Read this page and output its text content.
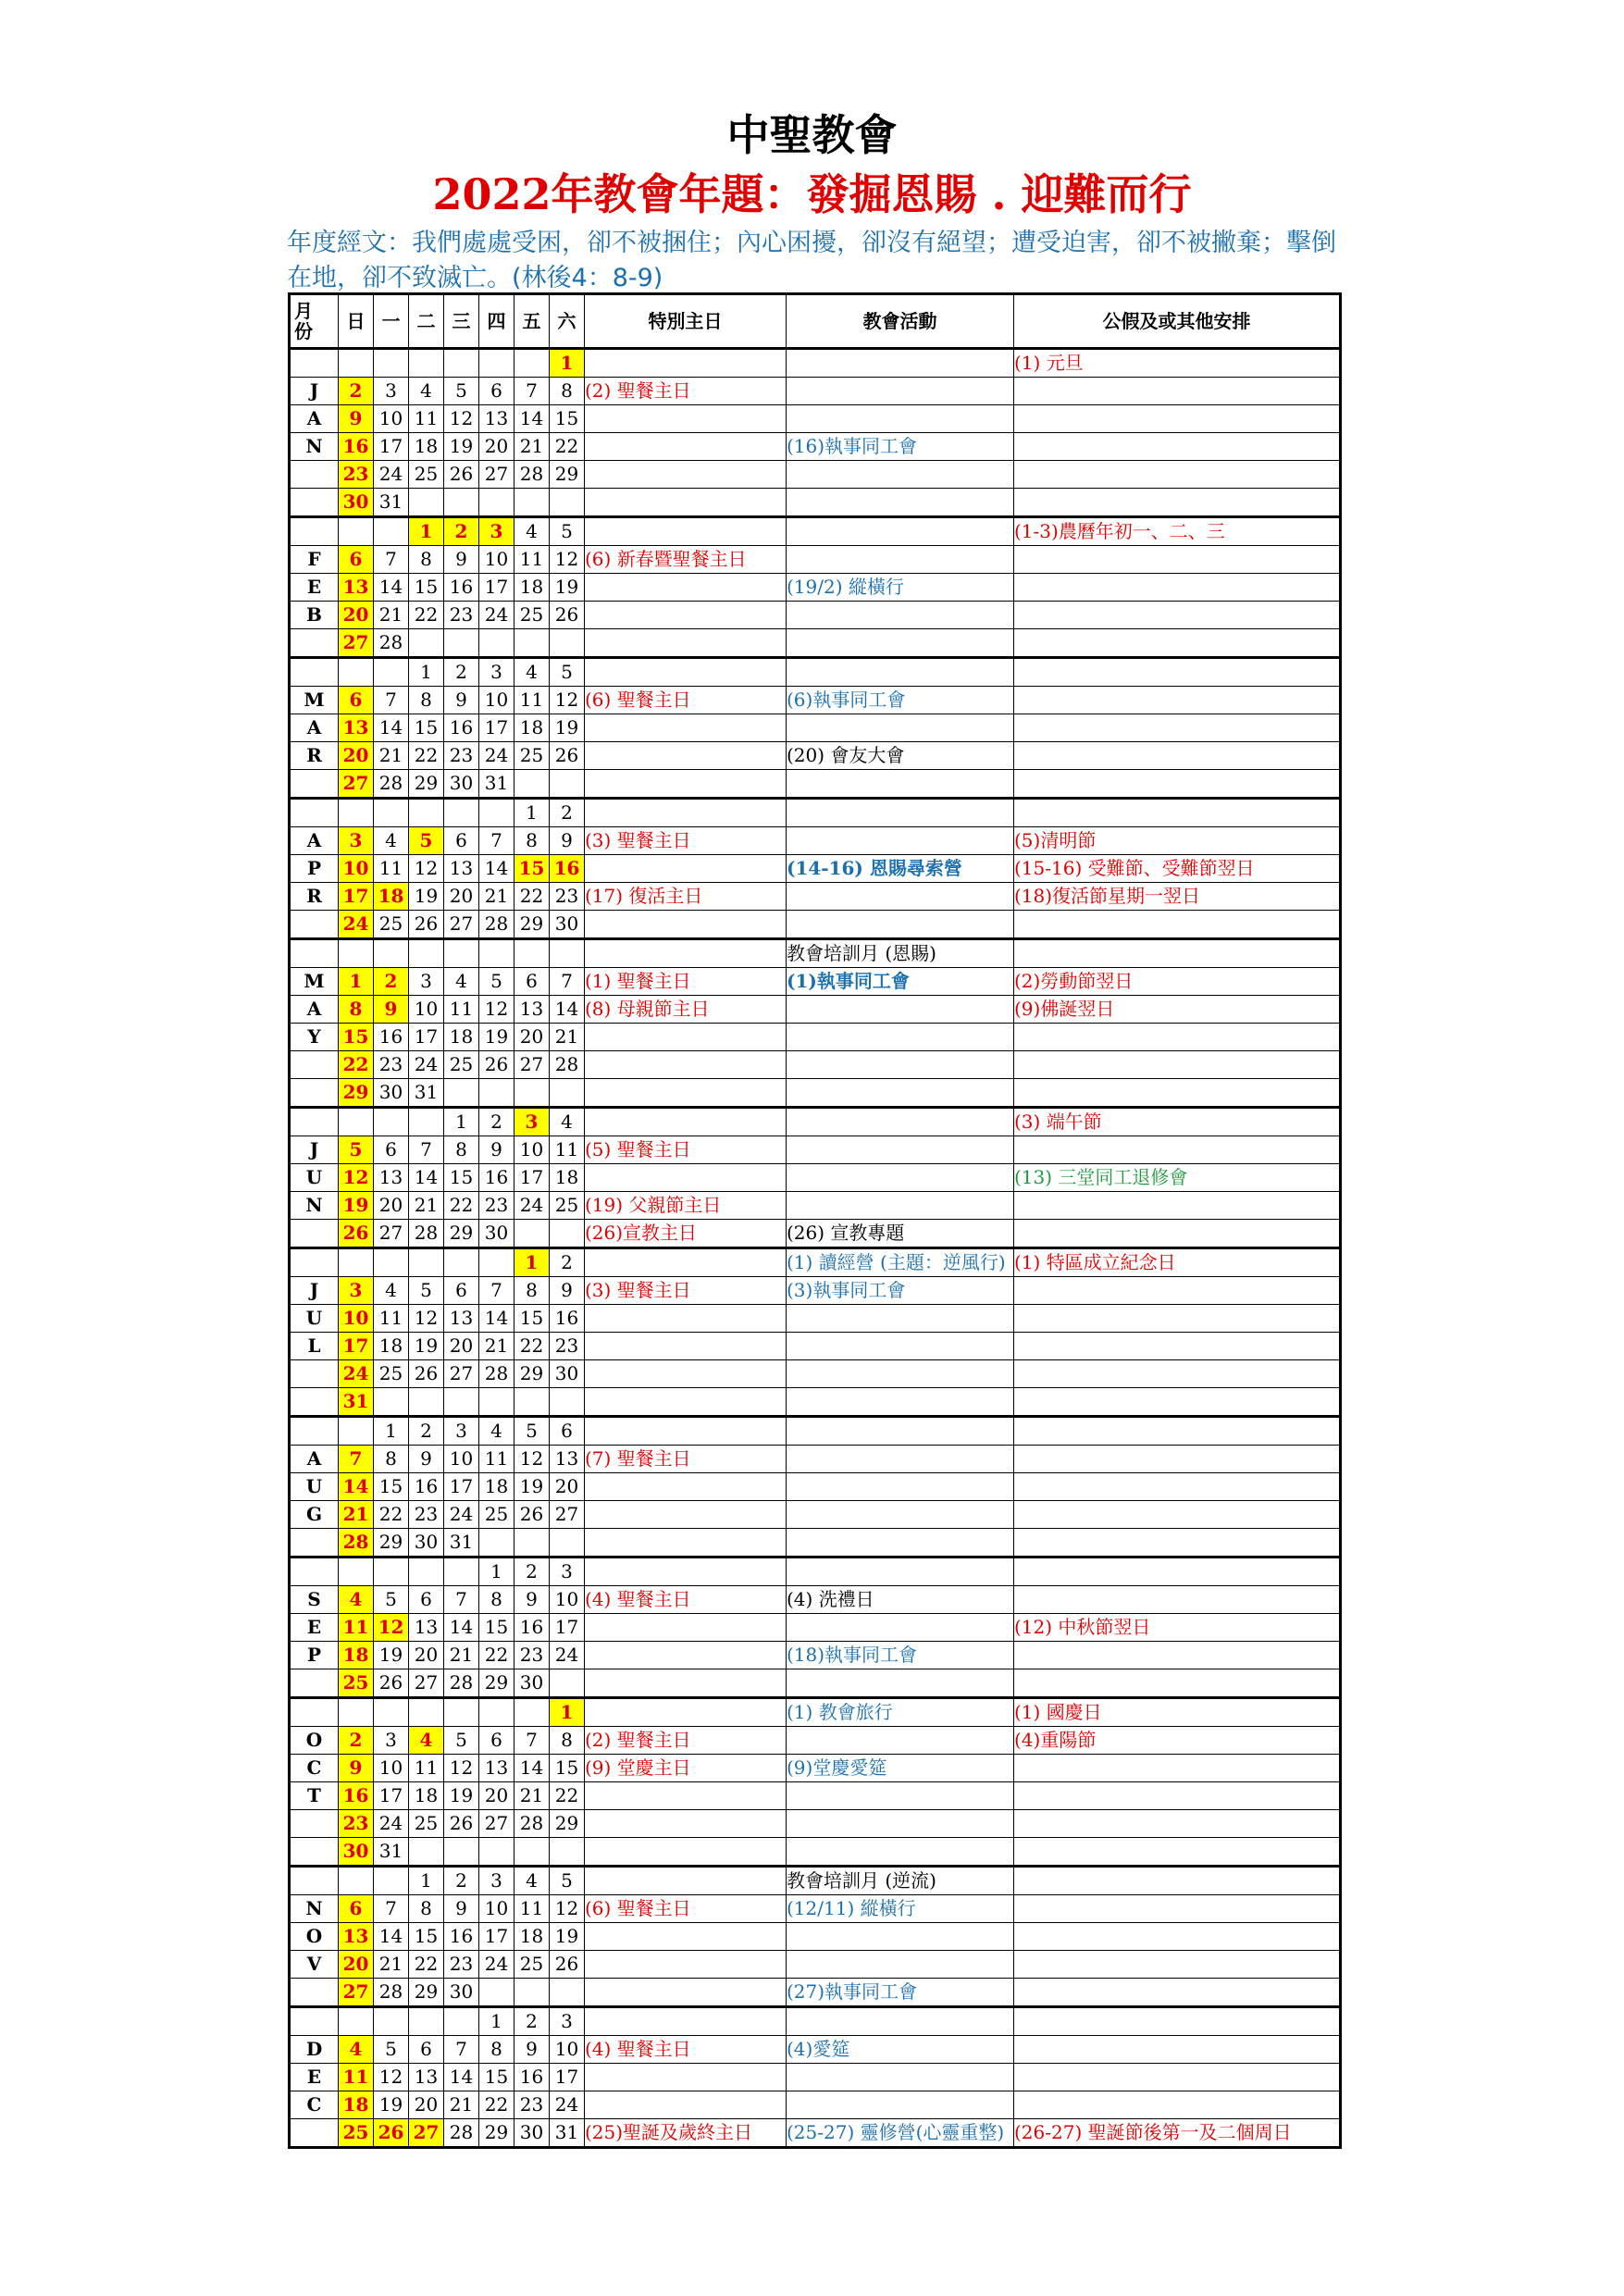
中聖教會
2022年教會年題：發掘恩賜 . 迎難而行
年度經文：我們處處受困，卻不被捆住；內心困擾，卻沒有絕望；遭受迫害，卻不被撇棄；擊倒在地，卻不致滅亡。(林後4：8-9)
月份	日	一	二	三	四	五	六	特別主日	教會活動	公假及或其他安排
							1			(1) 元旦
J	2	3	4	5	6	7	8	(2) 聖餐主日		
A	9	10	11	12	13	14	15			
N	16	17	18	19	20	21	22		(16)執事同工會	
	23	24	25	26	27	28	29			
	30	31								
			1	2	3	4	5			(1-3)農曆年初一、二、三
F	6	7	8	9	10	11	12	(6) 新春暨聖餐主日		
E	13	14	15	16	17	18	19		(19/2) 縱橫行	
B	20	21	22	23	24	25	26			
	27	28								
			1	2	3	4	5			
M	6	7	8	9	10	11	12	(6) 聖餐主日	(6)執事同工會	
A	13	14	15	16	17	18	19			
R	20	21	22	23	24	25	26		(20) 會友大會	
	27	28	29	30	31					
						1	2			
A	3	4	5	6	7	8	9	(3) 聖餐主日		(5)清明節
P	10	11	12	13	14	15	16		(14-16) 恩賜尋索營	(15-16) 受難節、受難節翌日
R	17	18	19	20	21	22	23	(17) 復活主日		(18)復活節星期一翌日
	24	25	26	27	28	29	30			
									教會培訓月 (恩賜)	
M	1	2	3	4	5	6	7	(1) 聖餐主日	(1)執事同工會	(2)勞動節翌日
A	8	9	10	11	12	13	14	(8) 母親節主日		(9)佛誕翌日
Y	15	16	17	18	19	20	21			
	22	23	24	25	26	27	28			
	29	30	31							
				1	2	3	4			(3) 端午節
J	5	6	7	8	9	10	11	(5) 聖餐主日		
U	12	13	14	15	16	17	18			(13) 三堂同工退修會
N	19	20	21	22	23	24	25	(19) 父親節主日		
	26	27	28	29	30			(26)宣教主日	(26) 宣教專題	
						1	2		(1) 讀經營 (主題：逆風行)	(1) 特區成立紀念日
J	3	4	5	6	7	8	9	(3) 聖餐主日	(3)執事同工會	
U	10	11	12	13	14	15	16			
L	17	18	19	20	21	22	23			
	24	25	26	27	28	29	30			
	31									
		1	2	3	4	5	6			
A	7	8	9	10	11	12	13	(7) 聖餐主日		
U	14	15	16	17	18	19	20			
G	21	22	23	24	25	26	27			
	28	29	30	31						
					1	2	3			
S	4	5	6	7	8	9	10	(4) 聖餐主日	(4) 洗禮日	
E	11	12	13	14	15	16	17			(12) 中秋節翌日
P	18	19	20	21	22	23	24		(18)執事同工會	
	25	26	27	28	29	30				
							1		(1) 教會旅行	(1) 國慶日
O	2	3	4	5	6	7	8	(2) 聖餐主日		(4)重陽節
C	9	10	11	12	13	14	15	(9) 堂慶主日	(9)堂慶愛筵	
T	16	17	18	19	20	21	22			
	23	24	25	26	27	28	29			
	30	31								
			1	2	3	4	5		教會培訓月 (逆流)	
N	6	7	8	9	10	11	12	(6) 聖餐主日	(12/11) 縱橫行	
O	13	14	15	16	17	18	19			
V	20	21	22	23	24	25	26			
	27	28	29	30					(27)執事同工會	
					1	2	3			
D	4	5	6	7	8	9	10	(4) 聖餐主日	(4)愛筵	
E	11	12	13	14	15	16	17			
C	18	19	20	21	22	23	24			
	25	26	27	28	29	30	31	(25)聖誕及歲終主日	(25-27) 靈修營(心靈重整)	(26-27) 聖誕節後第一及二個周日
